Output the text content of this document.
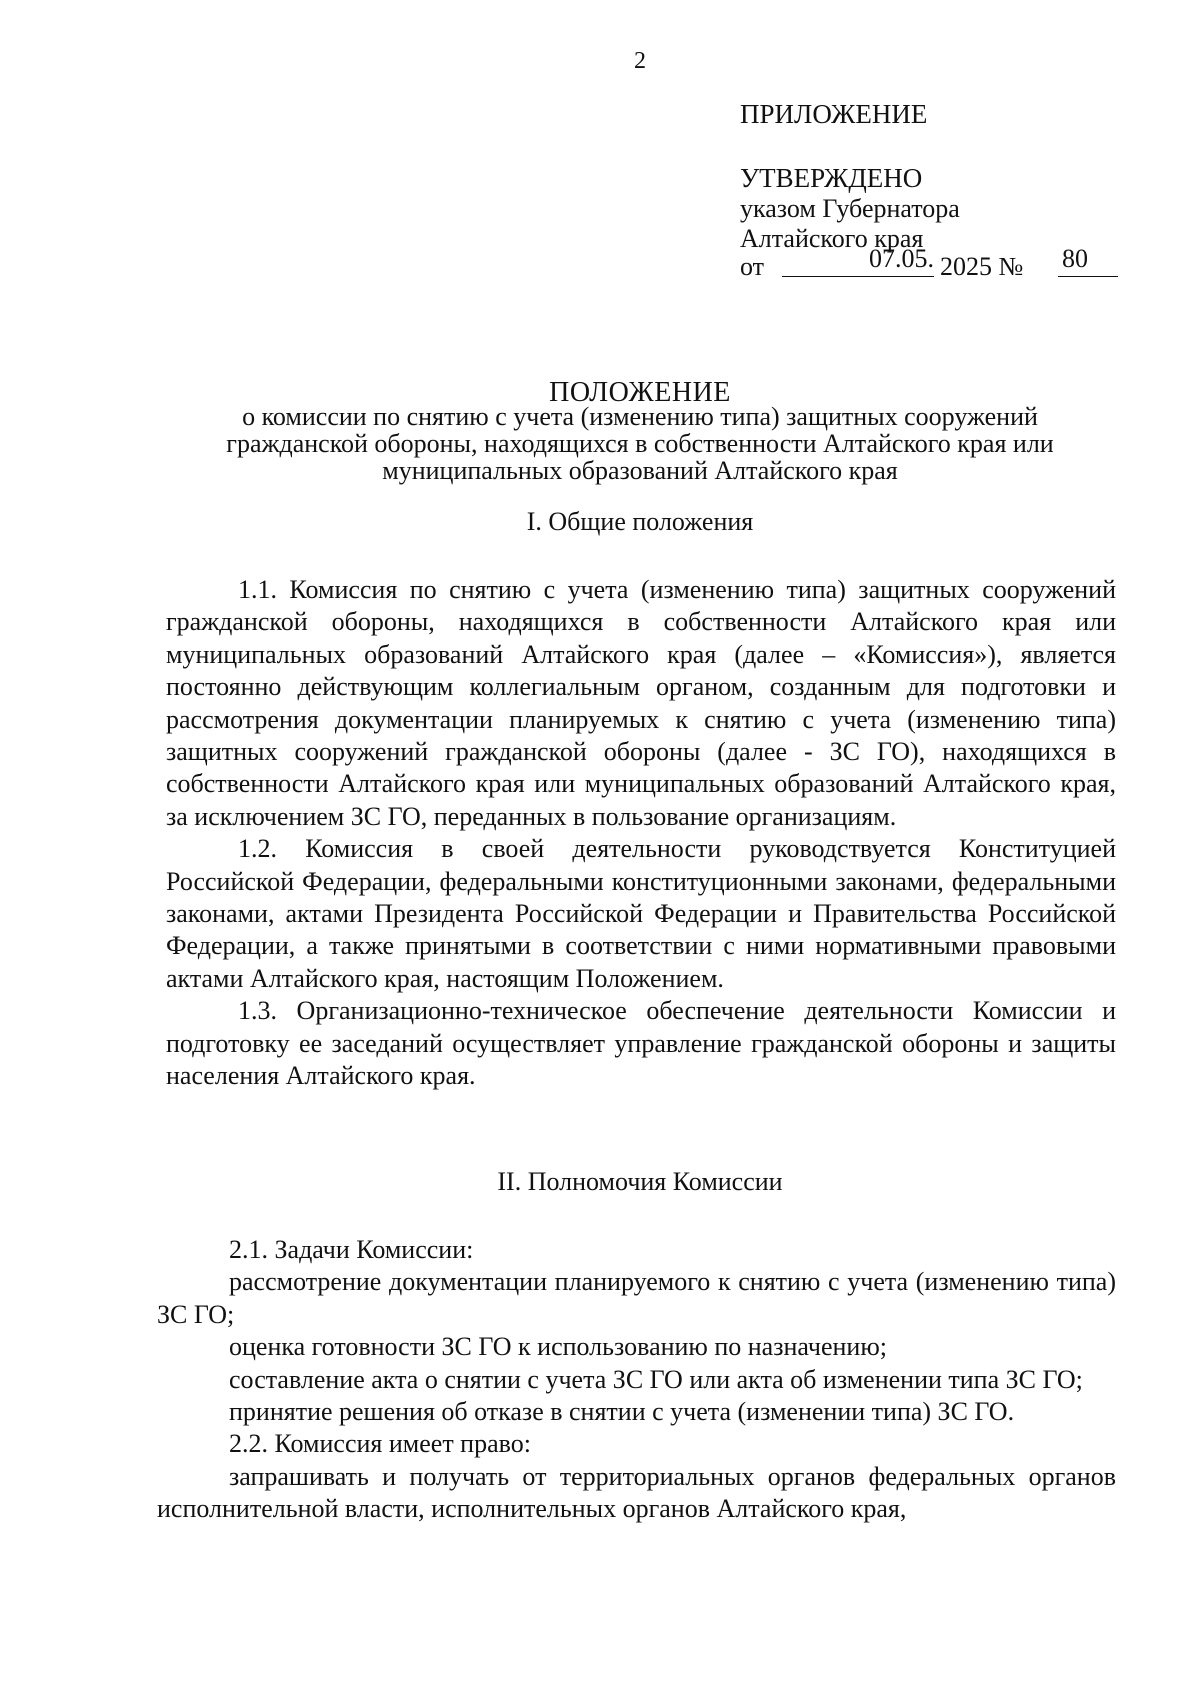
2
ПРИЛОЖЕНИЕ
УТВЕРЖДЕНО
указом Губернатора
Алтайского края
от	07.05. 2025 № 80
ПОЛОЖЕНИЕ
о комиссии по снятию с учета (изменению типа) защитных сооружений
гражданской обороны, находящихся в собственности Алтайского края или
муниципальных образований Алтайского края
I. Общие положения

1.1. Комиссия по снятию с учета (изменению типа) защитных сооружений гражданской обороны, находящихся в собственности Алтайского края или муниципальных образований Алтайского края (далее – «Комиссия»), является постоянно действующим коллегиальным органом, созданным для подготовки и рассмотрения документации планируемых к снятию с учета (изменению типа) защитных сооружений гражданской обороны (далее - ЗС ГО), находящихся в собственности Алтайского края или муниципальных образований Алтайского края, за исключением ЗС ГО, переданных в пользование организациям.

1.2. Комиссия в своей деятельности руководствуется Конституцией Российской Федерации, федеральными конституционными законами, федеральными законами, актами Президента Российской Федерации и Правительства Российской Федерации, а также принятыми в соответствии с ними нормативными правовыми актами Алтайского края, настоящим Положением.

1.3. Организационно-техническое обеспечение деятельности Комиссии и подготовку ее заседаний осуществляет управление гражданской обороны и защиты населения Алтайского края.

II. Полномочия Комиссии

2.1. Задачи Комиссии:

рассмотрение документации планируемого к снятию с учета (изменению типа) ЗС ГО;

оценка готовности ЗС ГО к использованию по назначению;

составление акта о снятии с учета ЗС ГО или акта об изменении типа ЗС ГО;

принятие решения об отказе в снятии с учета (изменении типа) ЗС ГО.

2.2. Комиссия имеет право:

запрашивать и получать от территориальных органов федеральных органов исполнительной власти, исполнительных органов Алтайского края,
